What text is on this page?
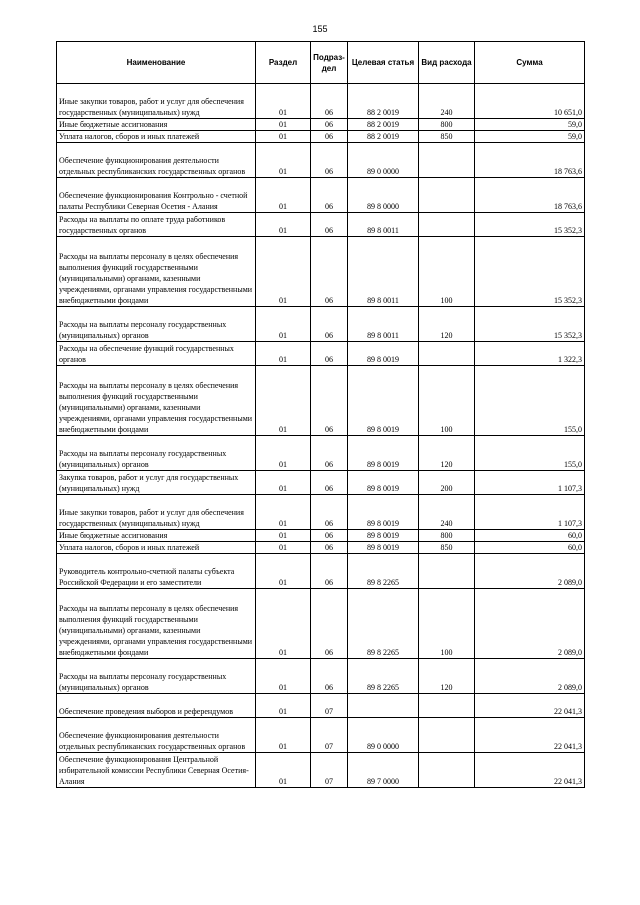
155
Наименование	Раздел	Подраз-дел	Целевая статья	Вид расхода	Сумма
Иные закупки товаров, работ и услуг для обеспечения государственных (муниципальных) нужд	01	06	88 2 0019	240	10 651,0
Иные бюджетные ассигнования	01	06	88 2 0019	800	59,0
Уплата налогов, сборов и иных платежей	01	06	88 2 0019	850	59,0
Обеспечение функционирования деятельности отдельных республиканских государственных органов	01	06	89 0 0000		18 763,6
Обеспечение функционирования Контрольно - счетной палаты Республики Северная Осетия - Алания	01	06	89 8 0000		18 763,6
Расходы на выплаты по оплате труда работников государственных органов	01	06	89 8 0011		15 352,3
Расходы на выплаты персоналу в целях обеспечения выполнения функций государственными (муниципальными) органами, казенными учреждениями, органами управления государственными внебюджетными фондами	01	06	89 8 0011	100	15 352,3
Расходы на выплаты персоналу государственных (муниципальных) органов	01	06	89 8 0011	120	15 352,3
Расходы на обеспечение функций государственных органов	01	06	89 8 0019		1 322,3
Расходы на выплаты персоналу в целях обеспечения выполнения функций государственными (муниципальными) органами, казенными учреждениями, органами управления государственными внебюджетными фондами	01	06	89 8 0019	100	155,0
Расходы на выплаты персоналу государственных (муниципальных) органов	01	06	89 8 0019	120	155,0
Закупка товаров, работ и услуг для государственных (муниципальных) нужд	01	06	89 8 0019	200	1 107,3
Иные закупки товаров, работ и услуг для обеспечения государственных (муниципальных) нужд	01	06	89 8 0019	240	1 107,3
Иные бюджетные ассигнования	01	06	89 8 0019	800	60,0
Уплата налогов, сборов и иных платежей	01	06	89 8 0019	850	60,0
Руководитель контрольно-счетной палаты субъекта Российской Федерации и его заместители	01	06	89 8 2265		2 089,0
Расходы на выплаты персоналу в целях обеспечения выполнения функций государственными (муниципальными) органами, казенными учреждениями, органами управления государственными внебюджетными фондами	01	06	89 8 2265	100	2 089,0
Расходы на выплаты персоналу государственных (муниципальных) органов	01	06	89 8 2265	120	2 089,0
Обеспечение проведения выборов и референдумов	01	07			22 041,3
Обеспечение функционирования деятельности отдельных республиканских государственных органов	01	07	89 0 0000		22 041,3
Обеспечение функционирования Центральной избирательной комиссии Республики Северная Осетия-Алания	01	07	89 7 0000		22 041,3
